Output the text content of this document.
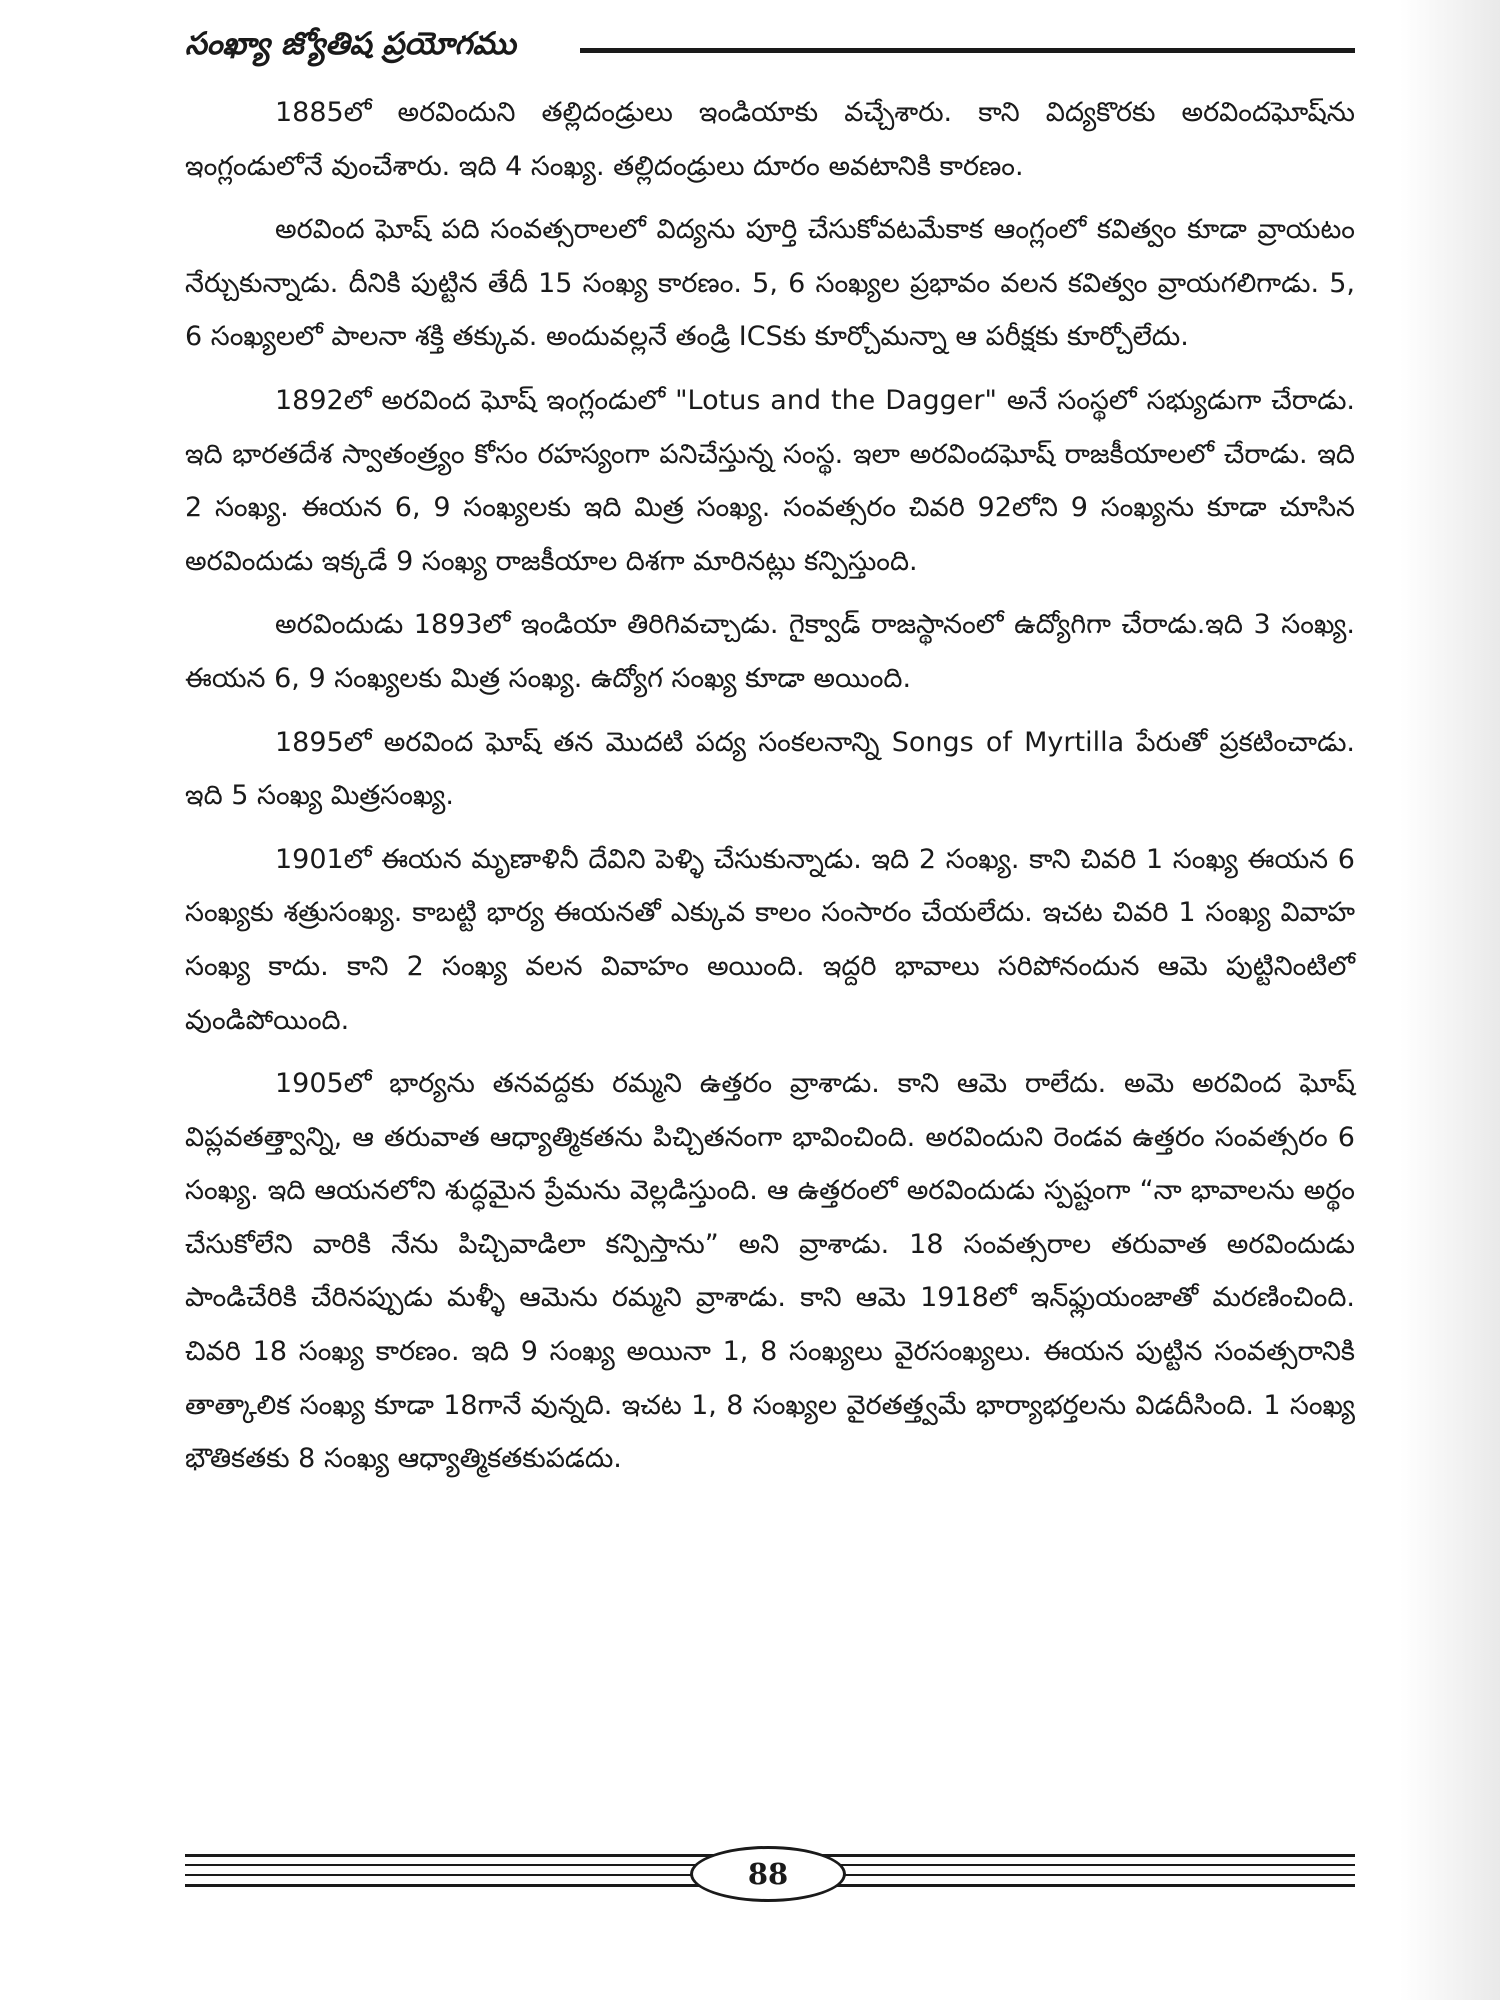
సంఖ్యా జ్యోతిష ప్రయోగము

1885లో అరవిందుని తల్లిదండ్రులు ఇండియాకు వచ్చేశారు. కాని విద్యకొరకు అరవిందఘోష్‌ను ఇంగ్లండులోనే వుంచేశారు. ఇది 4 సంఖ్య. తల్లిదండ్రులు దూరం అవటానికి కారణం.

అరవింద ఘోష్ పది సంవత్సరాలలో విద్యను పూర్తి చేసుకోవటమేకాక ఆంగ్లంలో కవిత్వం కూడా వ్రాయటం నేర్చుకున్నాడు. దీనికి పుట్టిన తేదీ 15 సంఖ్య కారణం. 5, 6 సంఖ్యల ప్రభావం వలన కవిత్వం వ్రాయగలిగాడు. 5, 6 సంఖ్యలలో పాలనా శక్తి తక్కువ. అందువల్లనే తండ్రి ICSకు కూర్చోమన్నా ఆ పరీక్షకు కూర్చోలేదు.

1892లో అరవింద ఘోష్ ఇంగ్లండులో "Lotus and the Dagger" అనే సంస్థలో సభ్యుడుగా చేరాడు. ఇది భారతదేశ స్వాతంత్ర్యం కోసం రహస్యంగా పనిచేస్తున్న సంస్థ. ఇలా అరవిందఘోష్ రాజకీయాలలో చేరాడు. ఇది 2 సంఖ్య. ఈయన 6, 9 సంఖ్యలకు ఇది మిత్ర సంఖ్య. సంవత్సరం చివరి 92లోని 9 సంఖ్యను కూడా చూసిన అరవిందుడు ఇక్కడే 9 సంఖ్య రాజకీయాల దిశగా మారినట్లు కన్పిస్తుంది.

అరవిందుడు 1893లో ఇండియా తిరిగివచ్చాడు. గైక్వాడ్ రాజస్థానంలో ఉద్యోగిగా చేరాడు.ఇది 3 సంఖ్య. ఈయన 6, 9 సంఖ్యలకు మిత్ర సంఖ్య. ఉద్యోగ సంఖ్య కూడా అయింది.

1895లో అరవింద ఘోష్ తన మొదటి పద్య సంకలనాన్ని Songs of Myrtilla పేరుతో ప్రకటించాడు. ఇది 5 సంఖ్య మిత్రసంఖ్య.

1901లో ఈయన మృణాళినీ దేవిని పెళ్ళి చేసుకున్నాడు. ఇది 2 సంఖ్య. కాని చివరి 1 సంఖ్య ఈయన 6 సంఖ్యకు శత్రుసంఖ్య. కాబట్టి భార్య ఈయనతో ఎక్కువ కాలం సంసారం చేయలేదు. ఇచట చివరి 1 సంఖ్య వివాహ సంఖ్య కాదు. కాని 2 సంఖ్య వలన వివాహం అయింది. ఇద్దరి భావాలు సరిపోనందున ఆమె పుట్టినింటిలో వుండిపోయింది.

1905లో భార్యను తనవద్దకు రమ్మని ఉత్తరం వ్రాశాడు. కాని ఆమె రాలేదు. అమె అరవింద ఘోష్ విప్లవతత్త్వాన్ని, ఆ తరువాత ఆధ్యాత్మికతను పిచ్చితనంగా భావించింది. అరవిందుని రెండవ ఉత్తరం సంవత్సరం 6 సంఖ్య. ఇది ఆయనలోని శుద్ధమైన ప్రేమను వెల్లడిస్తుంది. ఆ ఉత్తరంలో అరవిందుడు స్పష్టంగా “నా భావాలను అర్థం చేసుకోలేని వారికి నేను పిచ్చివాడిలా కన్పిస్తాను” అని వ్రాశాడు. 18 సంవత్సరాల తరువాత అరవిందుడు పాండిచేరికి చేరినప్పుడు మళ్ళీ ఆమెను రమ్మని వ్రాశాడు. కాని ఆమె 1918లో ఇన్‌ఫ్లుయంజాతో మరణించింది. చివరి 18 సంఖ్య కారణం. ఇది 9 సంఖ్య అయినా 1, 8 సంఖ్యలు వైరసంఖ్యలు. ఈయన పుట్టిన సంవత్సరానికి తాత్కాలిక సంఖ్య కూడా 18గానే వున్నది. ఇచట 1, 8 సంఖ్యల వైరతత్త్వమే భార్యాభర్తలను విడదీసింది. 1 సంఖ్య భౌతికతకు 8 సంఖ్య ఆధ్యాత్మికతకుపడదు.

88
